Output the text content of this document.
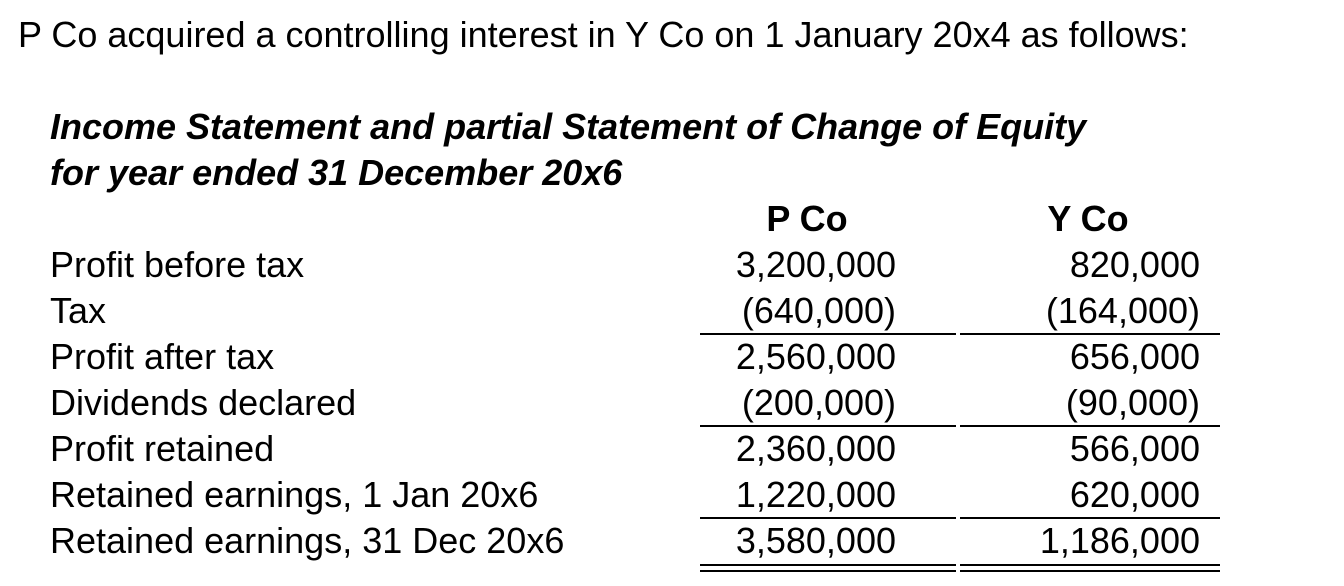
P Co acquired a controlling interest in Y Co on 1 January 20x4 as follows:
Income Statement and partial Statement of Change of Equity
for year ended 31 December 20x6
P Co	Y Co
Profit before tax	3,200,000	820,000
Tax	(640,000)	(164,000)
Profit after tax	2,560,000	656,000
Dividends declared	(200,000)	(90,000)
Profit retained	2,360,000	566,000
Retained earnings, 1 Jan 20x6	1,220,000	620,000
Retained earnings, 31 Dec 20x6	3,580,000	1,186,000
